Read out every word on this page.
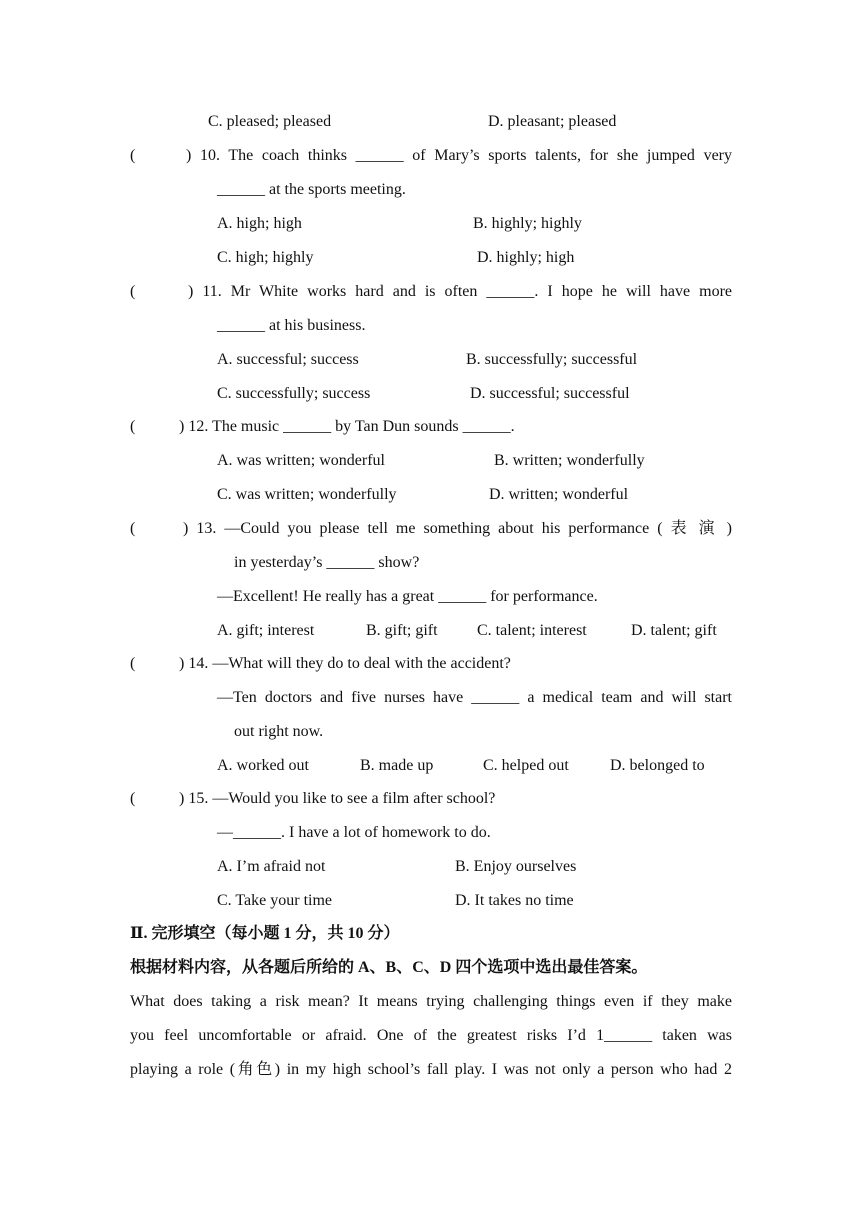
C. pleased; pleased	D. pleasant; pleased
(	) 10. The coach thinks ______ of Mary’s sports talents, for she jumped very
______ at the sports meeting.
A. high; high	B. highly; highly
C. high; highly	D. highly; high
(	) 11. Mr White works hard and is often ______. I hope he will have more
______ at his business.
A. successful; success	B. successfully; successful
C. successfully; success	D. successful; successful
(	) 12. The music ______ by Tan Dun sounds ______.
A. was written; wonderful	B. written; wonderfully
C. was written; wonderfully	D. written; wonderful
(	) 13. —Could you please tell me something about his performance ( 表 演 )
in yesterday’s ______ show?
—Excellent! He really has a great ______ for performance.
A. gift; interest	B. gift; gift C. talent; interest	D. talent; gift
(	) 14. —What will they do to deal with the accident?
—Ten doctors and five nurses have ______ a medical team and will start
out right now.
A. worked out	B. made up	C. helped out	D. belonged to
(	) 15. —Would you like to see a film after school?
—______. I have a lot of homework to do.
A. I’m afraid not	B. Enjoy ourselves
C. Take your time	D. It takes no time
Ⅱ. 完形填空（每小题 1 分，共 10 分）
根据材料内容，从各题后所给的 A、B、C、D 四个选项中选出最佳答案。
What does taking a risk mean? It means trying challenging things even if they make
you feel uncomfortable or afraid. One of the greatest risks I’d 1______ taken was
playing a role (角色) in my high school’s fall play. I was not only a person who had 2
